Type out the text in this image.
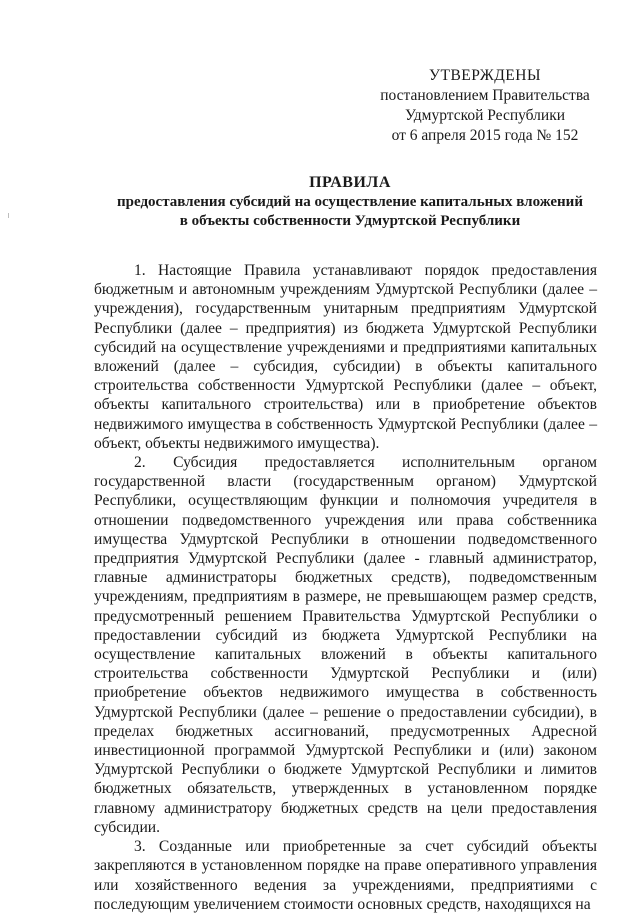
УТВЕРЖДЕНЫ
постановлением Правительства
Удмуртской Республики
от 6 апреля 2015 года № 152
ПРАВИЛА
предоставления субсидий на осуществление капитальных вложений
в объекты собственности Удмуртской Республики

1. Настоящие Правила устанавливают порядок предоставления бюджетным и автономным учреждениям Удмуртской Республики (далее – учреждения), государственным унитарным предприятиям Удмуртской Республики (далее – предприятия) из бюджета Удмуртской Республики субсидий на осуществление учреждениями и предприятиями капитальных вложений (далее – субсидия, субсидии) в объекты капитального строительства собственности Удмуртской Республики (далее – объект, объекты капитального строительства) или в приобретение объектов недвижимого имущества в собственность Удмуртской Республики (далее – объект, объекты недвижимого имущества).

2. Субсидия предоставляется исполнительным органом государственной власти (государственным органом) Удмуртской Республики, осуществляющим функции и полномочия учредителя в отношении подведомственного учреждения или права собственника имущества Удмуртской Республики в отношении подведомственного предприятия Удмуртской Республики (далее - главный администратор, главные администраторы бюджетных средств), подведомственным учреждениям, предприятиям в размере, не превышающем размер средств, предусмотренный решением Правительства Удмуртской Республики о предоставлении субсидий из бюджета Удмуртской Республики на осуществление капитальных вложений в объекты капитального строительства собственности Удмуртской Республики и (или) приобретение объектов недвижимого имущества в собственность Удмуртской Республики (далее – решение о предоставлении субсидии), в пределах бюджетных ассигнований, предусмотренных Адресной инвестиционной программой Удмуртской Республики и (или) законом Удмуртской Республики о бюджете Удмуртской Республики и лимитов бюджетных обязательств, утвержденных в установленном порядке главному администратору бюджетных средств на цели предоставления субсидии.

3. Созданные или приобретенные за счет субсидий объекты закрепляются в установленном порядке на праве оперативного управления или хозяйственного ведения за учреждениями, предприятиями с последующим увеличением стоимости основных средств, находящихся на
